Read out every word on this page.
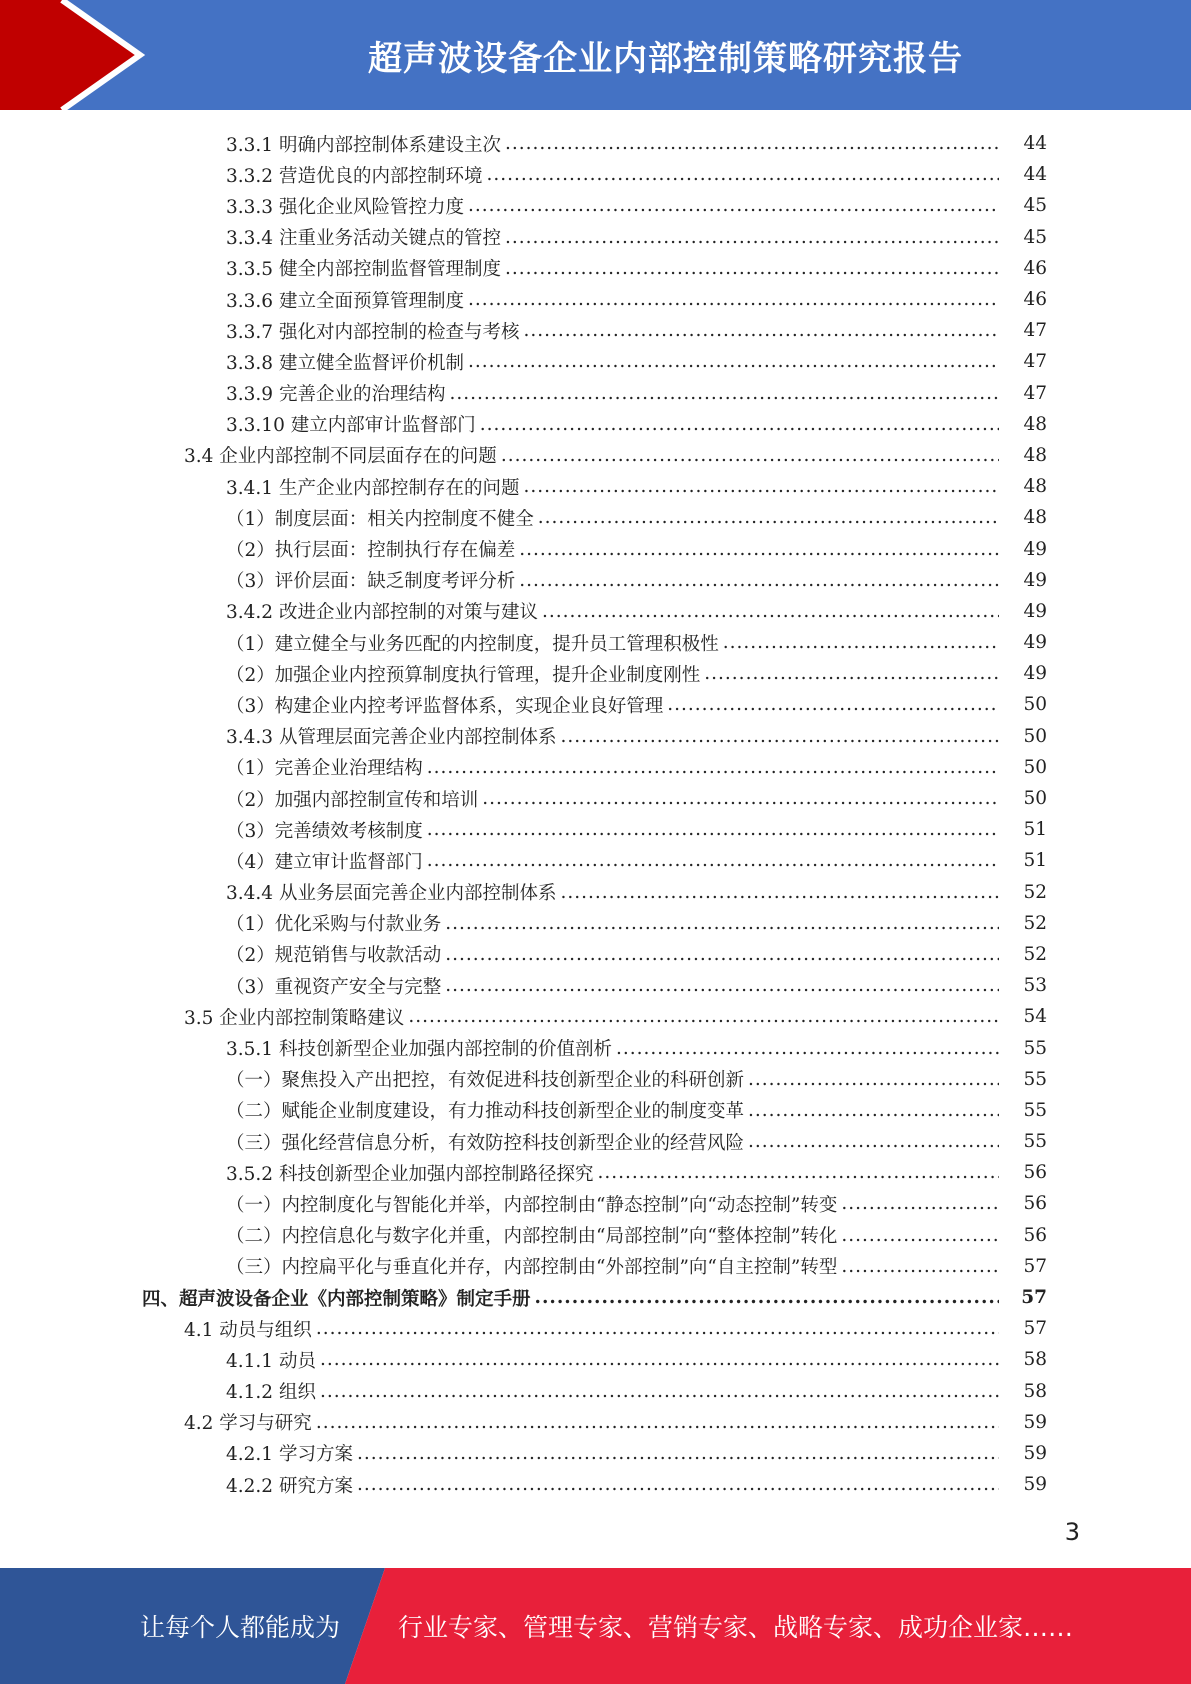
超声波设备企业内部控制策略研究报告
3.3.1 明确内部控制体系建设主次 .....	44
3.3.2 营造优良的内部控制环境 .....	44
3.3.3 强化企业风险管控力度 .....	45
3.3.4 注重业务活动关键点的管控 .....	45
3.3.5 健全内部控制监督管理制度 .....	46
3.3.6 建立全面预算管理制度 .....	46
3.3.7 强化对内部控制的检查与考核 .....	47
3.3.8 建立健全监督评价机制 .....	47
3.3.9 完善企业的治理结构 .....	47
3.3.10 建立内部审计监督部门 .....	48
3.4 企业内部控制不同层面存在的问题 .....	48
3.4.1 生产企业内部控制存在的问题 .....	48
（1）制度层面：相关内控制度不健全 .....	48
（2）执行层面：控制执行存在偏差 .....	49
（3）评价层面：缺乏制度考评分析 .....	49
3.4.2 改进企业内部控制的对策与建议 .....	49
（1）建立健全与业务匹配的内控制度，提升员工管理积极性 .....	49
（2）加强企业内控预算制度执行管理，提升企业制度刚性 .....	49
（3）构建企业内控考评监督体系，实现企业良好管理 .....	50
3.4.3 从管理层面完善企业内部控制体系 .....	50
（1）完善企业治理结构 .....	50
（2）加强内部控制宣传和培训 .....	50
（3）完善绩效考核制度 .....	51
（4）建立审计监督部门 .....	51
3.4.4 从业务层面完善企业内部控制体系 .....	52
（1）优化采购与付款业务 .....	52
（2）规范销售与收款活动 .....	52
（3）重视资产安全与完整 .....	53
3.5 企业内部控制策略建议 .....	54
3.5.1 科技创新型企业加强内部控制的价值剖析 .....	55
（一）聚焦投入产出把控，有效促进科技创新型企业的科研创新 .....	55
（二）赋能企业制度建设，有力推动科技创新型企业的制度变革 .....	55
（三）强化经营信息分析，有效防控科技创新型企业的经营风险 .....	55
3.5.2 科技创新型企业加强内部控制路径探究 .....	56
（一）内控制度化与智能化并举，内部控制由“静态控制”向“动态控制”转变 .....	56
（二）内控信息化与数字化并重，内部控制由“局部控制”向“整体控制”转化 .....	56
（三）内控扁平化与垂直化并存，内部控制由“外部控制”向“自主控制”转型 .....	57
四、超声波设备企业《内部控制策略》制定手册 .....	57
4.1 动员与组织 .....	57
4.1.1 动员 .....	58
4.1.2 组织 .....	58
4.2 学习与研究 .....	59
4.2.1 学习方案 .....	59
4.2.2 研究方案 .....	59
3
让每个人都能成为 行业专家、管理专家、营销专家、战略专家、成功企业家……
